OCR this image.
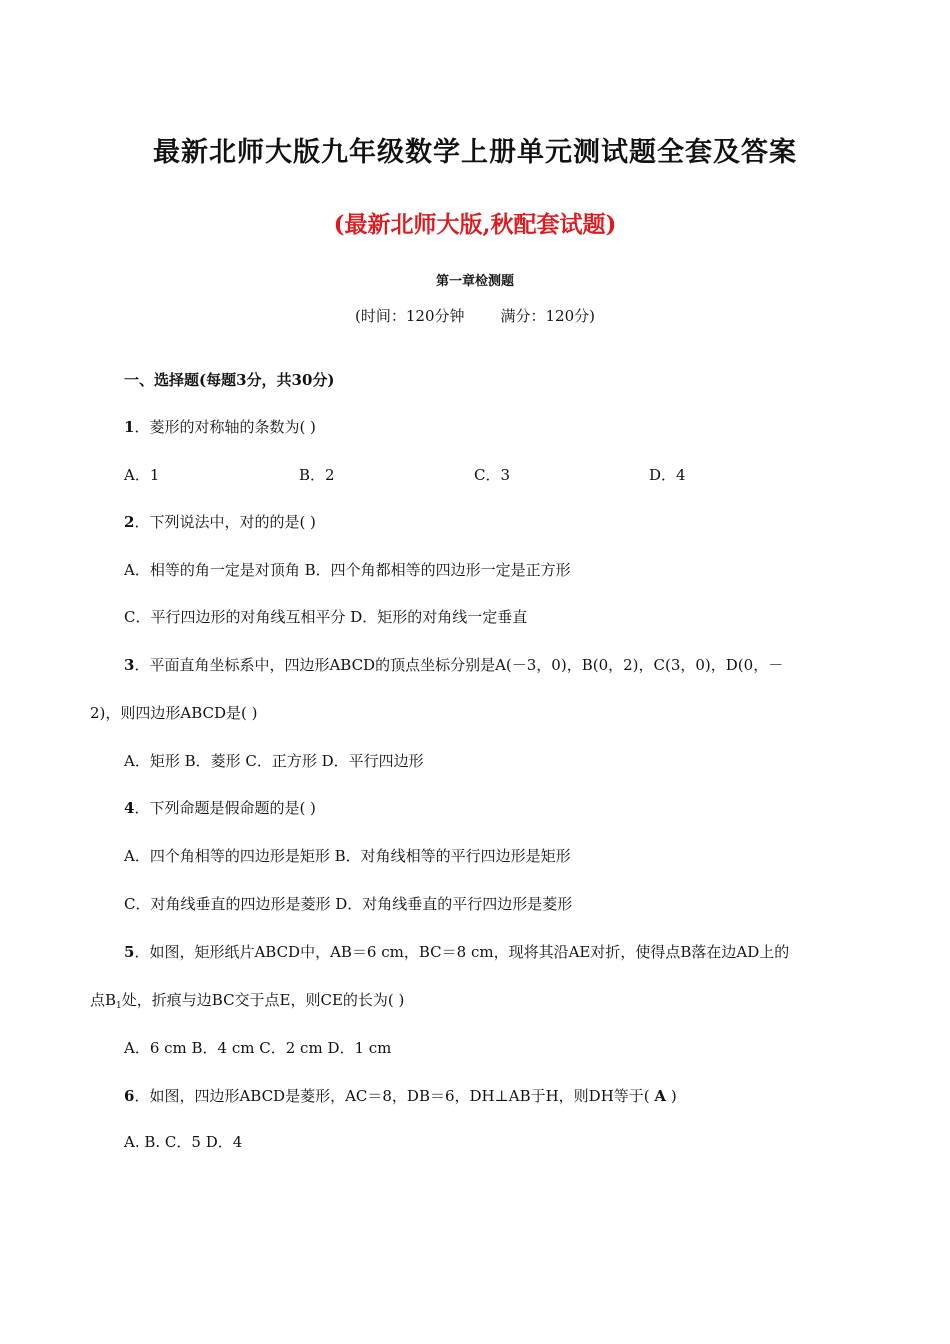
最新北师大版九年级数学上册单元测试题全套及答案
(最新北师大版,秋配套试题)
第一章检测题
(时间：120分钟 满分：120分)
一、选择题(每题3分，共30分)
1．菱形的对称轴的条数为( )
A．1	B．2	C．3	D．4
2．下列说法中，对的的是( )
A．相等的角一定是对顶角 B．四个角都相等的四边形一定是正方形
C．平行四边形的对角线互相平分 D．矩形的对角线一定垂直
3．平面直角坐标系中，四边形ABCD的顶点坐标分别是A(－3，0)，B(0，2)，C(3，0)，D(0，－
2)，则四边形ABCD是( )
A．矩形 B．菱形 C．正方形 D．平行四边形
4．下列命题是假命题的是( )
A．四个角相等的四边形是矩形 B．对角线相等的平行四边形是矩形
C．对角线垂直的四边形是菱形 D．对角线垂直的平行四边形是菱形
5．如图，矩形纸片ABCD中，AB＝6 cm，BC＝8 cm，现将其沿AE对折，使得点B落在边AD上的
点$B_1$处，折痕与边BC交于点E，则CE的长为( )
A．6 cm B．4 cm C．2 cm D．1 cm
6．如图，四边形ABCD是菱形，AC＝8，DB＝6，DH⊥AB于H，则DH等于( A )
A. B. C．5 D．4
